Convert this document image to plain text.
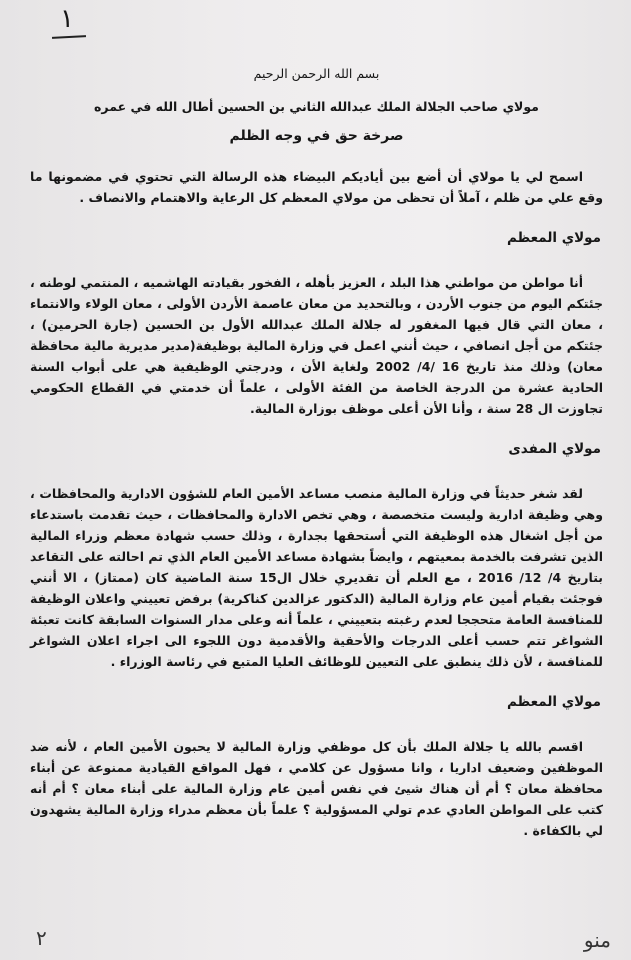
١
بسم الله الرحمن الرحيم
مولاي صاحب الجلالة الملك عبدالله الثاني بن الحسين أطال الله في عمره
صرخة حق في وجه الظلم

اسمح لي يا مولاي أن أضع بين أياديكم البيضاء هذه الرسالة التي تحتوي في مضمونها ما وقع علي من ظلم ، آملاً أن تحظى من مولاي المعظم كل الرعاية والاهتمام والانصاف .

مولاي المعظم

أنا مواطن من مواطني هذا البلد ، العزيز بأهله ، الفخور بقيادته الهاشميه ، المنتمي لوطنه ، جئتكم اليوم من جنوب الأردن ، وبالتحديد من معان عاصمة الأردن الأولى ، معان الولاء والانتماء ، معان التي قال فيها المغفور له جلالة الملك عبدالله الأول بن الحسين (جارة الحرمين) ، جئتكم من أجل انصافي ، حيث أنني اعمل في وزارة المالية بوظيفة(مدير مديرية مالية محافظة معان) وذلك منذ تاريخ 16 /4/ 2002 ولغاية الأن ، ودرجتي الوظيفية هي على أبواب السنة الحادية عشرة من الدرجة الخاصة من الفئة الأولى ، علماً أن خدمتي في القطاع الحكومي تجاوزت ال 28 سنة ، وأنا الأن أعلى موظف بوزارة المالية.

مولاي المفدى

لقد شغر حديثاً في وزارة المالية منصب مساعد الأمين العام للشؤون الادارية والمحافظات ، وهي وظيفة ادارية وليست متخصصة ، وهي تخص الادارة والمحافظات ، حيث تقدمت باستدعاء من أجل اشغال هذه الوظيفة التي أستحقها بجدارة ، وذلك حسب شهادة معظم وزراء المالية الذين تشرفت بالخدمة بمعيتهم ، وايضاً بشهادة مساعد الأمين العام الذي تم احالته على التقاعد بتاريخ 4/ 12/ 2016 ، مع العلم أن تقديري خلال ال15 سنة الماضية كان (ممتاز) ، الا أنني فوجئت بقيام أمين عام وزارة المالية (الدكتور عزالدين كناكرية) برفض تعييني واعلان الوظيفة للمنافسة العامة متحججا لعدم رغبته بتعييني ، علماً أنه وعلى مدار السنوات السابقة كانت تعبئة الشواغر تتم حسب أعلى الدرجات والأحقية والأقدمية دون اللجوء الى اجراء اعلان الشواغر للمنافسة ، لأن ذلك ينطبق على التعيين للوظائف العليا المتبع في رئاسة الوزراء .

مولاي المعظم

اقسم بالله يا جلالة الملك بأن كل موظفي وزارة المالية لا يحبون الأمين العام ، لأنه ضد الموظفين وضعيف اداريا ، وانا مسؤول عن كلامي ، فهل المواقع القيادية ممنوعة عن أبناء محافظة معان ؟ أم أن هناك شيئ في نفس أمين عام وزارة المالية على أبناء معان ؟ أم أنه كتب على المواطن العادي عدم تولي المسؤولية ؟ علماً بأن معظم مدراء وزارة المالية يشهدون لي بالكفاءة .

٢	منو
